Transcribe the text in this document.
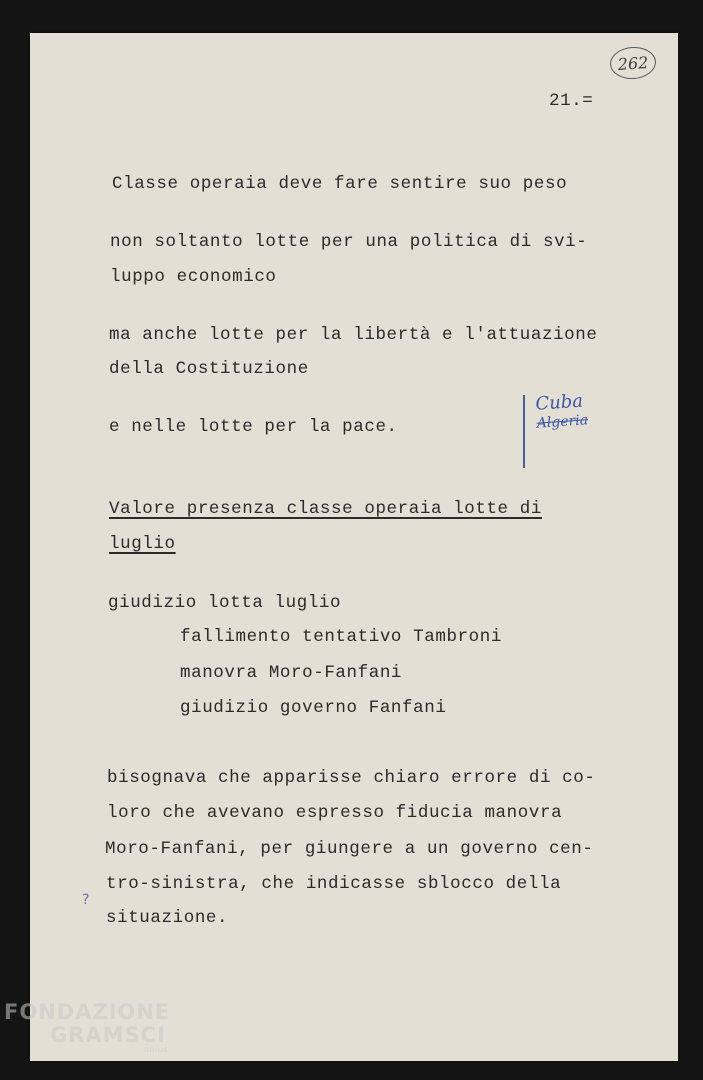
262
21.=
Classe operaia deve fare sentire suo peso
non soltanto lotte per una politica di svi-
luppo economico
ma anche lotte per la libertà e l'attuazione
della Costituzione
e nelle lotte per la pace.
Valore presenza classe operaia lotte di
luglio
giudizio lotta luglio
fallimento tentativo Tambroni
manovra Moro-Fanfani
giudizio governo Fanfani
bisognava che apparisse chiaro errore di co-
loro che avevano espresso fiducia manovra
Moro-Fanfani, per giungere a un governo cen-
tro-sinistra, che indicasse sblocco della
situazione.
Cuba
Algeria
?
FONDAZIONE
GRAMSCI
onlus
